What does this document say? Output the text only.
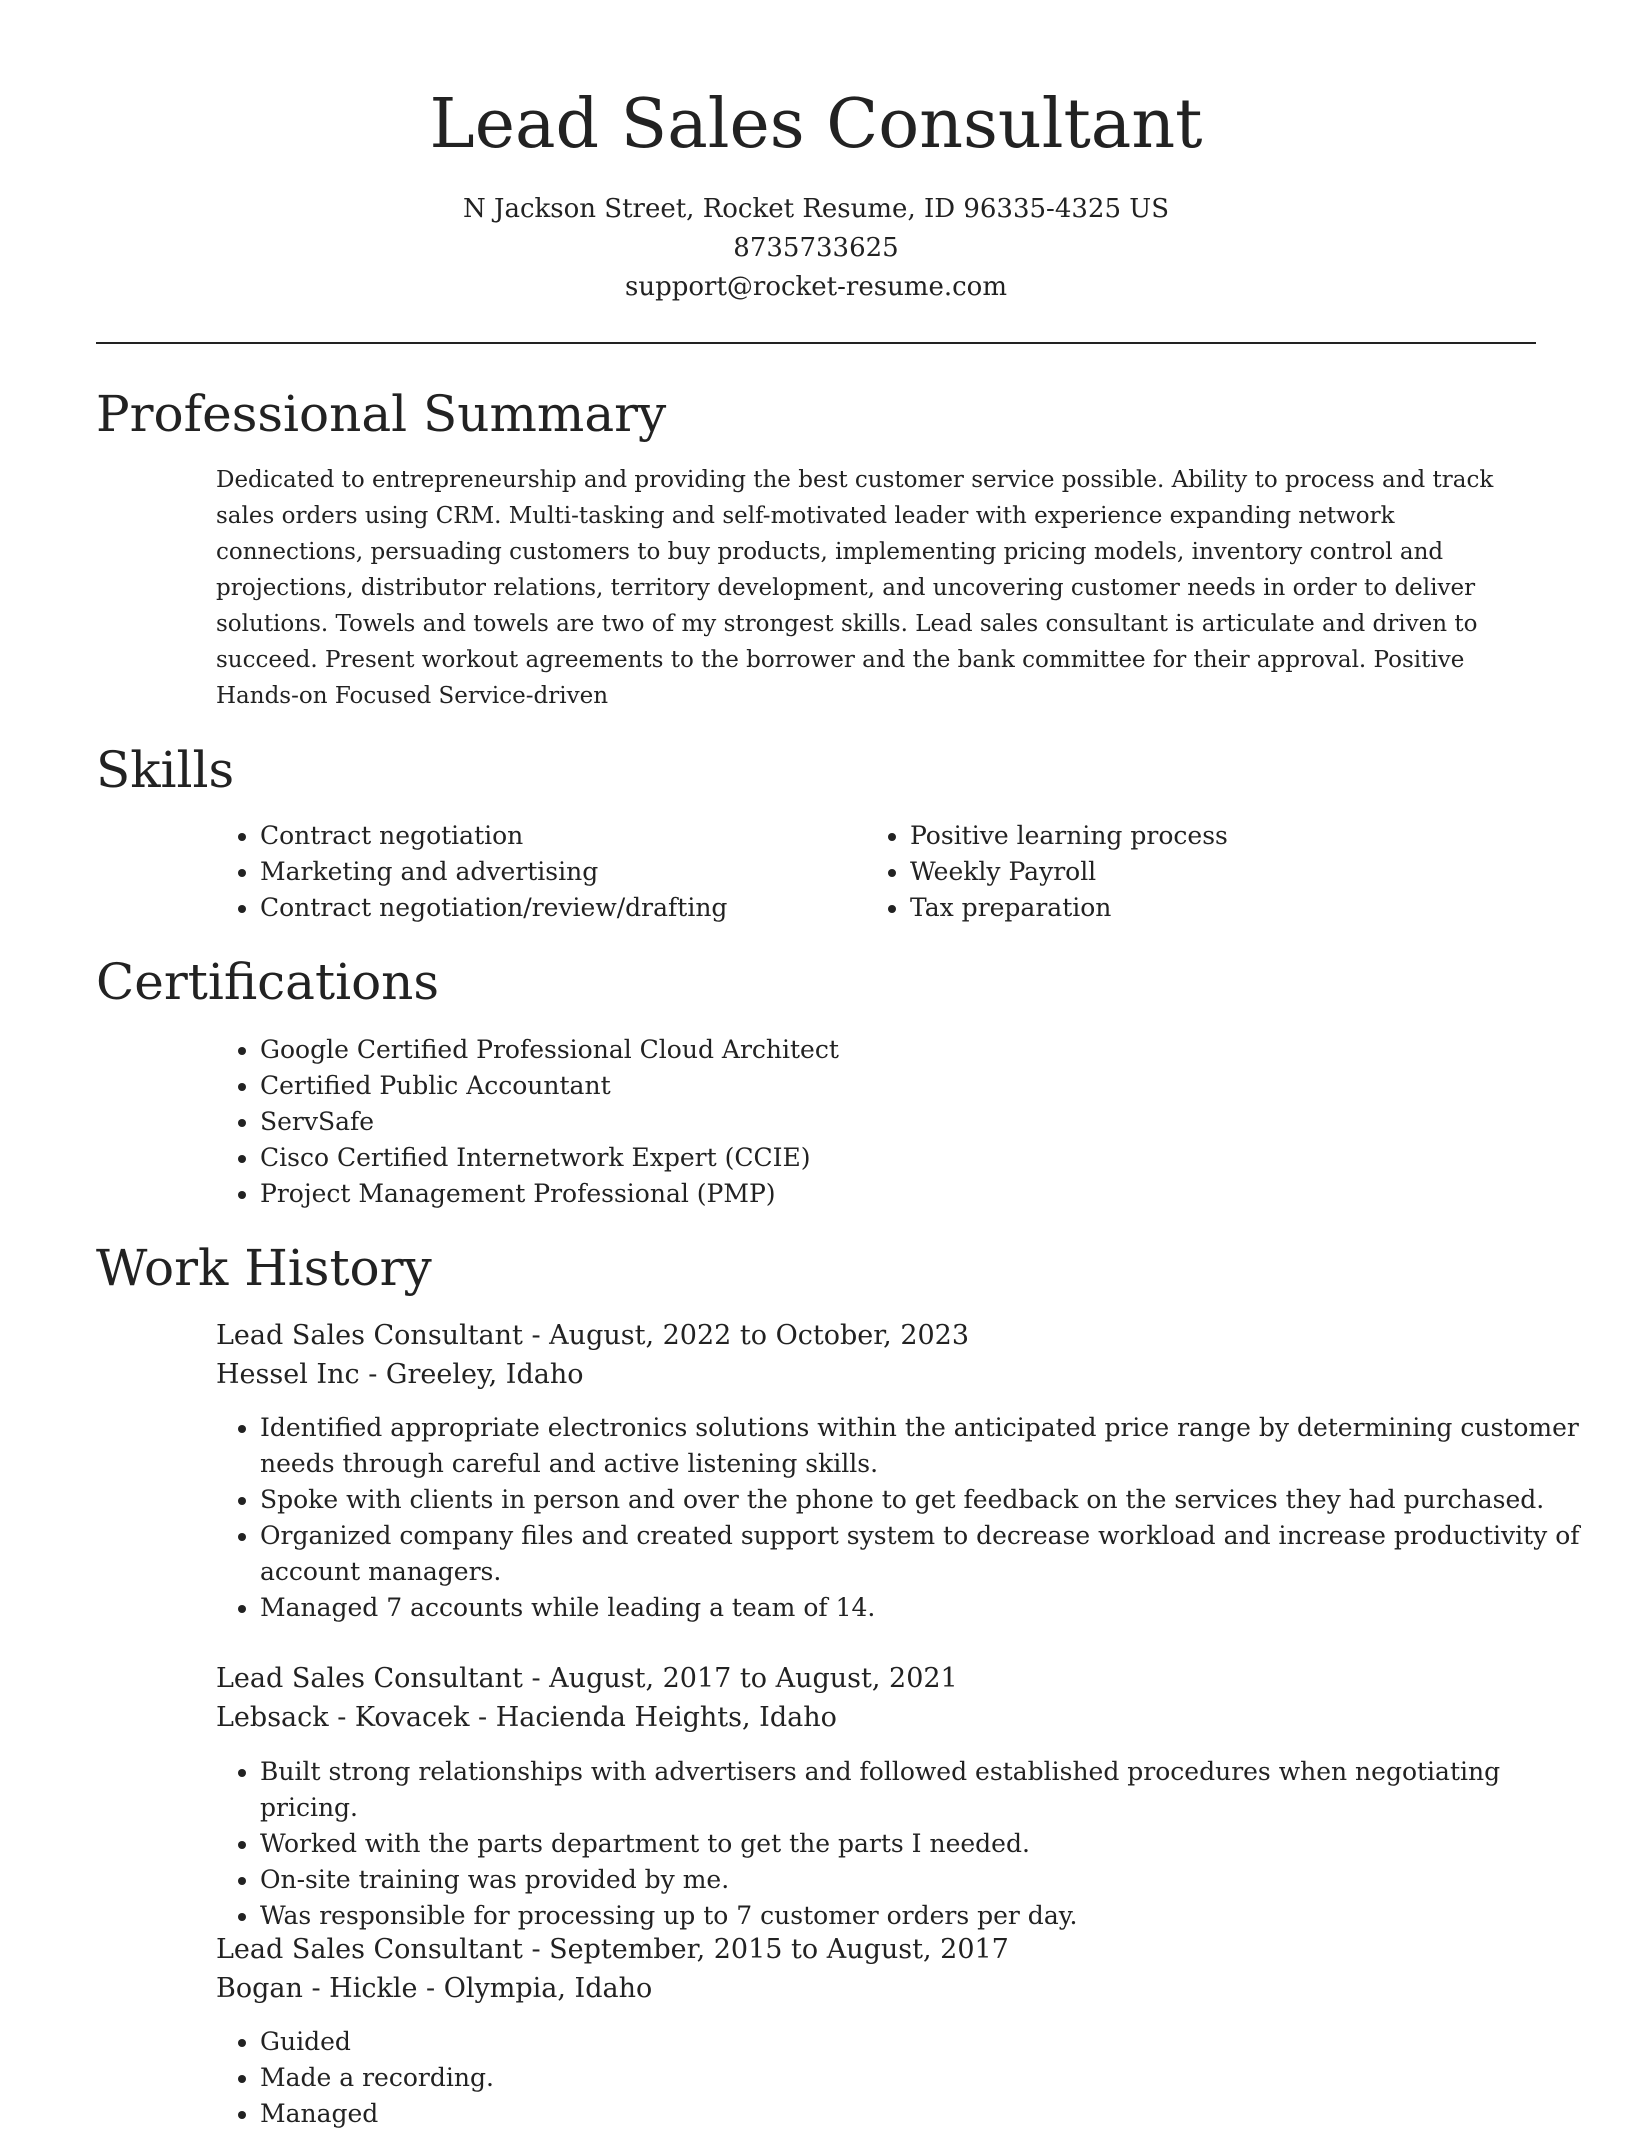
Lead Sales Consultant
N Jackson Street, Rocket Resume, ID 96335-4325 US
8735733625
support@rocket-resume.com
Professional Summary

Dedicated to entrepreneurship and providing the best customer service possible. Ability to process and track sales orders using CRM. Multi-tasking and self-motivated leader with experience expanding network connections, persuading customers to buy products, implementing pricing models, inventory control and projections, distributor relations, territory development, and uncovering customer needs in order to deliver solutions. Towels and towels are two of my strongest skills. Lead sales consultant is articulate and driven to succeed. Present workout agreements to the borrower and the bank committee for their approval. Positive Hands-on Focused Service-driven

Skills
• Contract negotiation
• Marketing and advertising
• Contract negotiation/review/drafting
• Positive learning process
• Weekly Payroll
• Tax preparation
Certifications
• Google Certified Professional Cloud Architect
• Certified Public Accountant
• ServSafe
• Cisco Certified Internetwork Expert (CCIE)
• Project Management Professional (PMP)
Work History
Lead Sales Consultant - August, 2022 to October, 2023
Hessel Inc - Greeley, Idaho
• Identified appropriate electronics solutions within the anticipated price range by determining customer needs through careful and active listening skills.
• Spoke with clients in person and over the phone to get feedback on the services they had purchased.
• Organized company files and created support system to decrease workload and increase productivity of account managers.
• Managed 7 accounts while leading a team of 14.
Lead Sales Consultant - August, 2017 to August, 2021
Lebsack - Kovacek - Hacienda Heights, Idaho
• Built strong relationships with advertisers and followed established procedures when negotiating pricing.
• Worked with the parts department to get the parts I needed.
• On-site training was provided by me.
• Was responsible for processing up to 7 customer orders per day.
Lead Sales Consultant - September, 2015 to August, 2017
Bogan - Hickle - Olympia, Idaho
• Guided
• Made a recording.
• Managed
